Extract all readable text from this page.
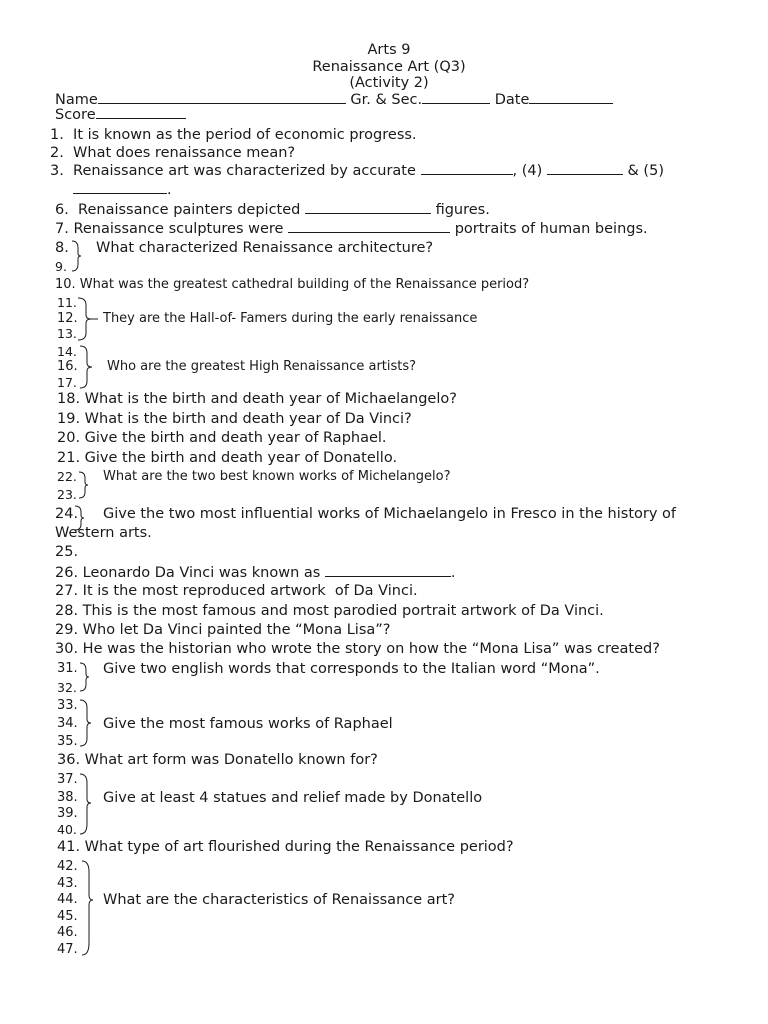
Arts 9
Renaissance Art (Q3)
(Activity 2)
Name	Gr. & Sec.	Date
Score
1.  It is known as the period of economic progress.
2.  What does renaissance mean?
3.  Renaissance art was characterized by accurate	, (4)	& (5)
.
6.  Renaissance painters depicted	figures.
7. Renaissance sculptures were	portraits of human beings.
8.
9.
What characterized Renaissance architecture?
10. What was the greatest cathedral building of the Renaissance period?
11.
12.
13.
They are the Hall-of- Famers during the early renaissance
14.
16.
17.
Who are the greatest High Renaissance artists?
18. What is the birth and death year of Michaelangelo?
19. What is the birth and death year of Da Vinci?
20. Give the birth and death year of Raphael.
21. Give the birth and death year of Donatello.
22.
23.
What are the two best known works of Michelangelo?
24. Give the two most influential works of Michaelangelo in Fresco in the history of
Western arts.
25.
26. Leonardo Da Vinci was known as	.
27. It is the most reproduced artwork  of Da Vinci.
28. This is the most famous and most parodied portrait artwork of Da Vinci.
29. Who let Da Vinci painted the “Mona Lisa”?
30. He was the historian who wrote the story on how the “Mona Lisa” was created?
31.
32.
Give two english words that corresponds to the Italian word “Mona”.
33.
34.
35.
Give the most famous works of Raphael
36. What art form was Donatello known for?
37.
38.
39.
40.
Give at least 4 statues and relief made by Donatello
41. What type of art flourished during the Renaissance period?
42.
43.
44.
45.
46.
47.
What are the characteristics of Renaissance art?
